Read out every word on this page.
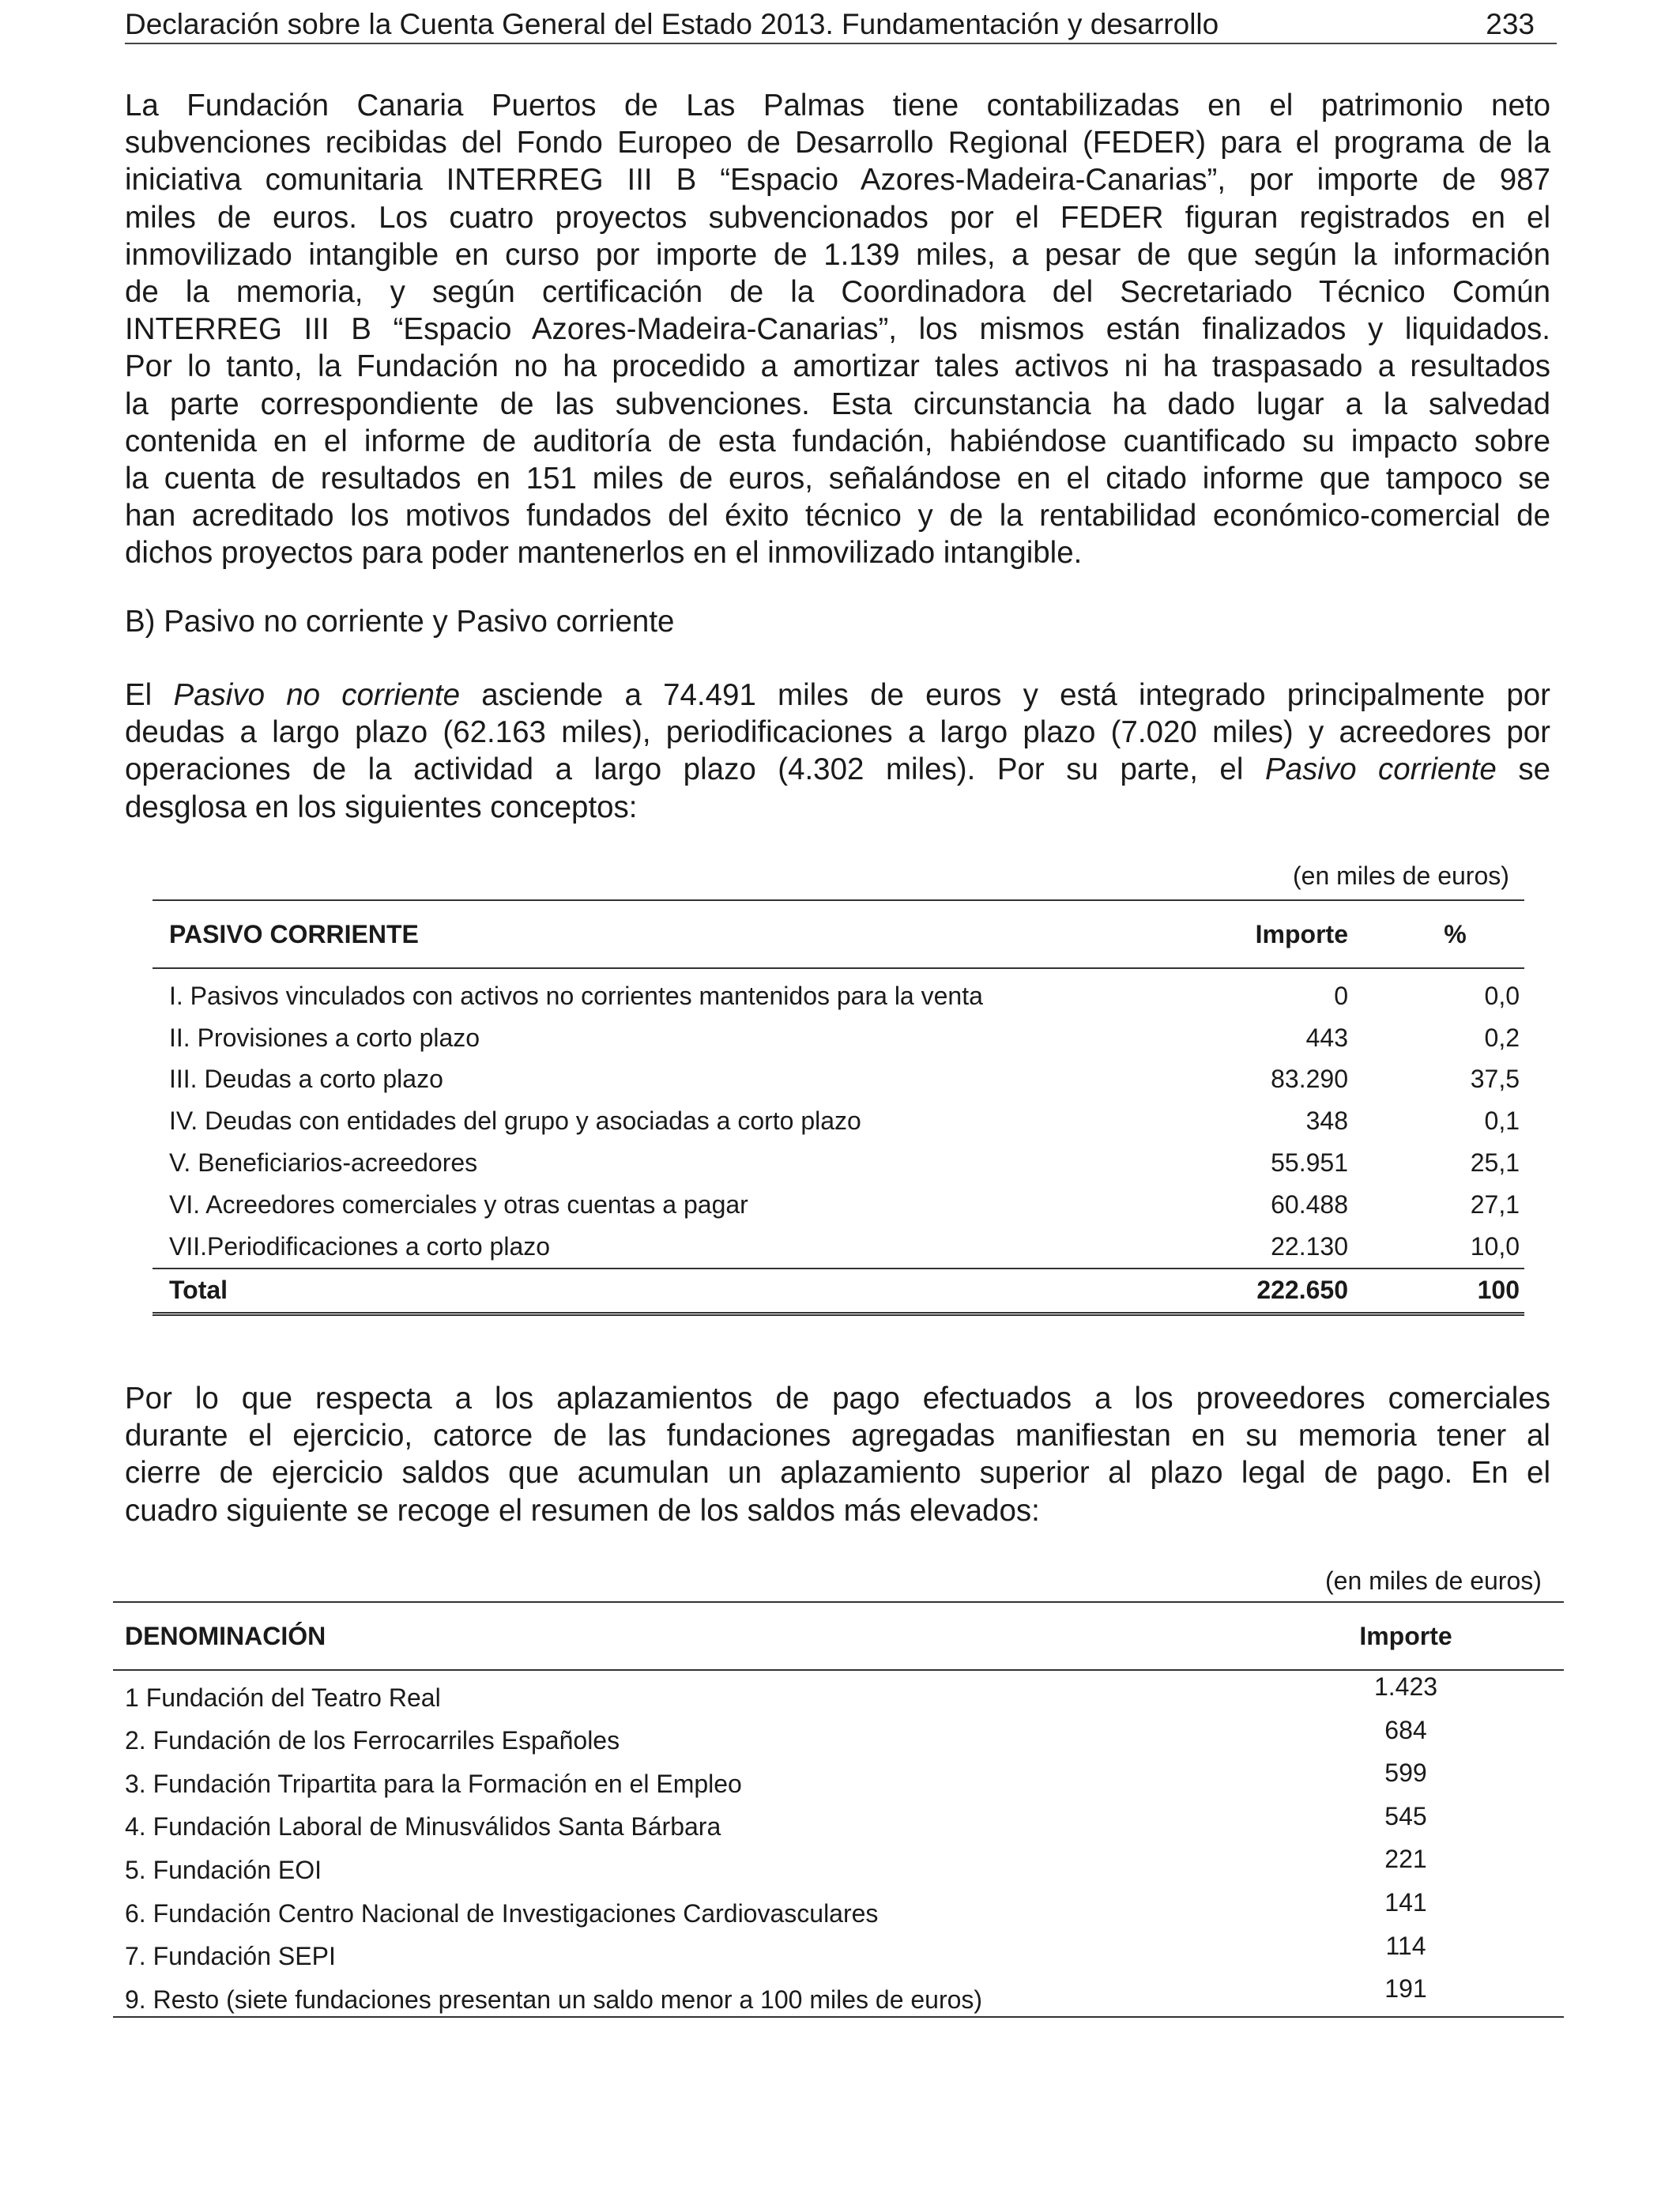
Declaración sobre la Cuenta General del Estado 2013. Fundamentación y desarrollo	233

La Fundación Canaria Puertos de Las Palmas tiene contabilizadas en el patrimonio neto
subvenciones recibidas del Fondo Europeo de Desarrollo Regional (FEDER) para el programa de la
iniciativa comunitaria INTERREG III B “Espacio Azores-Madeira-Canarias”, por importe de 987
miles de euros. Los cuatro proyectos subvencionados por el FEDER figuran registrados en el
inmovilizado intangible en curso por importe de 1.139 miles, a pesar de que según la información
de la memoria, y según certificación de la Coordinadora del Secretariado Técnico Común
INTERREG III B “Espacio Azores-Madeira-Canarias”, los mismos están finalizados y liquidados.
Por lo tanto, la Fundación no ha procedido a amortizar tales activos ni ha traspasado a resultados
la parte correspondiente de las subvenciones. Esta circunstancia ha dado lugar a la salvedad
contenida en el informe de auditoría de esta fundación, habiéndose cuantificado su impacto sobre
la cuenta de resultados en 151 miles de euros, señalándose en el citado informe que tampoco se
han acreditado los motivos fundados del éxito técnico y de la rentabilidad económico-comercial de
dichos proyectos para poder mantenerlos en el inmovilizado intangible.

B) Pasivo no corriente y Pasivo corriente

El Pasivo no corriente asciende a 74.491 miles de euros y está integrado principalmente por
deudas a largo plazo (62.163 miles), periodificaciones a largo plazo (7.020 miles) y acreedores por
operaciones de la actividad a largo plazo (4.302 miles). Por su parte, el Pasivo corriente se
desglosa en los siguientes conceptos:

(en miles de euros)
PASIVO CORRIENTE	Importe	%

I. Pasivos vinculados con activos no corrientes mantenidos para la venta	0	0,0
II. Provisiones a corto plazo	443	0,2
III. Deudas a corto plazo	83.290	37,5
IV. Deudas con entidades del grupo y asociadas a corto plazo	348	0,1
V. Beneficiarios-acreedores	55.951	25,1
VI. Acreedores comerciales y otras cuentas a pagar	60.488	27,1
VII.Periodificaciones a corto plazo	22.130	10,0
Total	222.650	100

Por lo que respecta a los aplazamientos de pago efectuados a los proveedores comerciales
durante el ejercicio, catorce de las fundaciones agregadas manifiestan en su memoria tener al
cierre de ejercicio saldos que acumulan un aplazamiento superior al plazo legal de pago. En el
cuadro siguiente se recoge el resumen de los saldos más elevados:

(en miles de euros)
DENOMINACIÓN	Importe
1 Fundación del Teatro Real	1.423
2. Fundación de los Ferrocarriles Españoles	684
3. Fundación Tripartita para la Formación en el Empleo	599
4. Fundación Laboral de Minusválidos Santa Bárbara	545
5. Fundación EOI	221
6. Fundación Centro Nacional de Investigaciones Cardiovasculares	141
7. Fundación SEPI	114
9. Resto (siete fundaciones presentan un saldo menor a 100 miles de euros)	191
